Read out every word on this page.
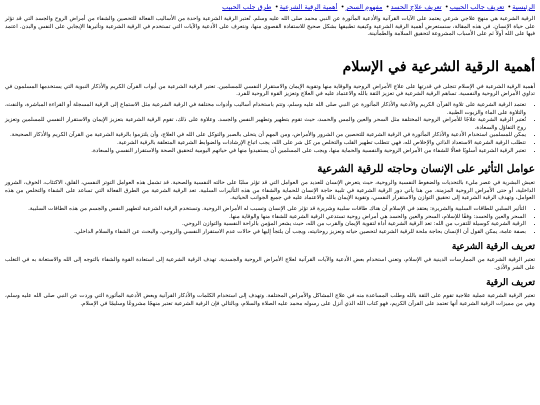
الرئيسية• تعريف جالب الحبيب• تعريف علاج الحسد• مفهوم السحر• أهمية الرقية الشرعية• طرق جلب الحبيب

الرقية الشرعية هي منهج علاجي شرعي يعتمد على الآيات القرآنية والأدعية المأثورة عن النبي محمد صلى الله عليه وسلم. تُعتبر الرقية الشرعية واحدة من الأساليب الفعالة للتحصين والشفاء من أمراض الروح والجسد التي قد تؤثر على حياة الإنسان. في هذه المقالة، سنستعرض أهمية الرقية الشرعية وكيفية تطبيقها بشكل صحيح للاستفادة القصوى منها، ونتعرف على الأدعية والآيات التي تستخدم في الرقية الشرعية وتأثيرها الإيجابي على النفس والبدن. اعتمد فيها على الله أولاً ثم على الأسباب المشروعة لتحقيق السلامة والطمأنينة.

أهمية الرقية الشرعية في الإسلام

أهمية الرقية الشرعية في الإسلام تتجلى في قدرتها على علاج الأمراض الروحية والوقاية منها وتقوية الإيمان والاستقرار النفسي للمسلمين. تعتبر الرقية الشرعية من أبواب القرآن الكريم والأذكار النبوية التي يستخدمها المسلمون في تداوي الأمراض الروحية والنفسية. تساهم الرقية الشرعية في تعزيز الثقة بالله والاعتماد عليه في العلاج وتعزيز القوة الروحية للفرد.

• تعتمد الرقية الشرعية على تلاوة القرآن الكريم والأدعية والأذكار المأثورة عن النبي صلى الله عليه وسلم، وتتم باستخدام أساليب وأدوات مختلفة في الرقية الشرعية مثل الاستماع إلى الرقية المسجلة أو القراءة المباشرة، والنفث، والتلاوة على الماء والزيوت الطبية.
• تُعتبر الرقية الشرعية علاجًا للأمراض الروحية المختلفة مثل السحر والعين والمس والحسد، حيث تقوم بتطهير وتطهير النفس والجسد. وعلاوة على ذلك، تقوم الرقية الشرعية بتعزيز الإيمان والاستقرار النفسي للمسلمين وتعزيز روح التفاؤل والسعادة.
• يمكن للمسلمين استخدام الأدعية والأذكار المأثورة في الرقية الشرعية للتحصين من الشرور والأمراض، ومن المهم أن يتحلى بالصبر والتوكل على الله في العلاج، وأن يلتزموا بالرقية الشرعية من القرآن الكريم والأذكار الصحيحة.
• تتطلب الرقية الشرعية الاستعداد الذاتي والإخلاص لله، فهي تتطلب تطهير القلب والتخلص من كل شر على الله، يجب اتباع الإرشادات والضوابط الشرعية المتعلقة بالرقية الشرعية.
• تعتبر الرقية الشرعية أسلوبًا فعالًا للشفاء من الأمراض الروحية والنفسية والحماية منها، ويجب على المسلمين أن يستفيدوا منها في حياتهم اليومية لتحقيق الصحة والاستقرار النفسي والسعادة.
عوامل التأثير على الإنسان وحاجته للرقية الشرعية

تعيش البشرية في عصر مليء بالتحديات والضغوط النفسية والروحية، حيث يتعرض الإنسان للعديد من العوامل التي قد تؤثر سلبًا على حالته النفسية والصحية. قد تشمل هذه العوامل التوتر النفسي، القلق، الاكتئاب، الخوف، الشرور الداخلية، أو حتى الأمراض الروحية المزمنة. من هنا يأتي دور الرقية الشرعية في تلبية حاجة الإنسان للحماية والشفاء من هذه التأثيرات السلبية. تعد الرقية الشرعية من الطرق الفعالة التي تساعد على الشفاء والتخلص من هذه العوامل، وتهدف الرقية الشرعية إلى تحقيق التوازن والاستقرار النفسي، وتقوية الإيمان بالله والاعتماد عليه في جميع الجوانب الحياتية.

• التأثير السلبي للطاقات السلبية والشريرة: يعتقد في الإسلام أن هناك طاقات سلبية وشريرة قد تؤثر على الإنسان وتسبب له الأمراض الروحية. وتستخدم الرقية الشرعية لتطهير النفس والجسم من هذه الطاقات السلبية.
• السحر والعين والحسد: وفقًا للإسلام، السحر والعين والحسد هي أمراض روحية تستدعي الرقية الشرعية للشفاء منها والوقاية منها.
• الرقية الشرعية كوسيلة للتقرب من الله: تعد الرقية الشرعية أداة لتقوية الإيمان والقرب من الله، حيث يشعر المؤمن بالراحة النفسية والتوازن الروحي.
• بصفة عامة، يمكن القول أن الإنسان بحاجة ملحة للرقية الشرعية لتحصين حياته وتعزيز روحانيته، ويجب أن يلتجأ إليها في حالات عدم الاستقرار النفسي والروحي، والبحث عن الشفاء والسلام الداخلي.
تعريف الرقية الشرعية

تعتبر الرقية الشرعية من الممارسات الدينية في الإسلام، وتعني استخدام بعض الأدعية والآيات القرآنية لعلاج الأمراض الروحية والجسدية. تهدف الرقية الشرعية إلى استعادة القوة والشفاء بالتوجه إلى الله والاستعانة به في التغلب على الشر والأذى.

تعريف الرقية

تعتبر الرقية الشرعية عملية علاجية تقوم على الثقة بالله وطلب المساعدة منه في علاج المشاكل والأمراض المختلفة. وتهدف إلى استخدام الكلمات والأذكار القرآنية وبعض الأدعية المأثورة التي وردت عن النبي صلى الله عليه وسلم، وهي من مميزات الرقية الشرعية أنها تعتمد على القرآن الكريم، فهو كتاب الله الذي أنزل على رسوله محمد عليه الصلاة والسلام، وبالتالي فإن الرقية الشرعية تعتبر منهجًا مشروعًا وسليمًا في الإسلام.
